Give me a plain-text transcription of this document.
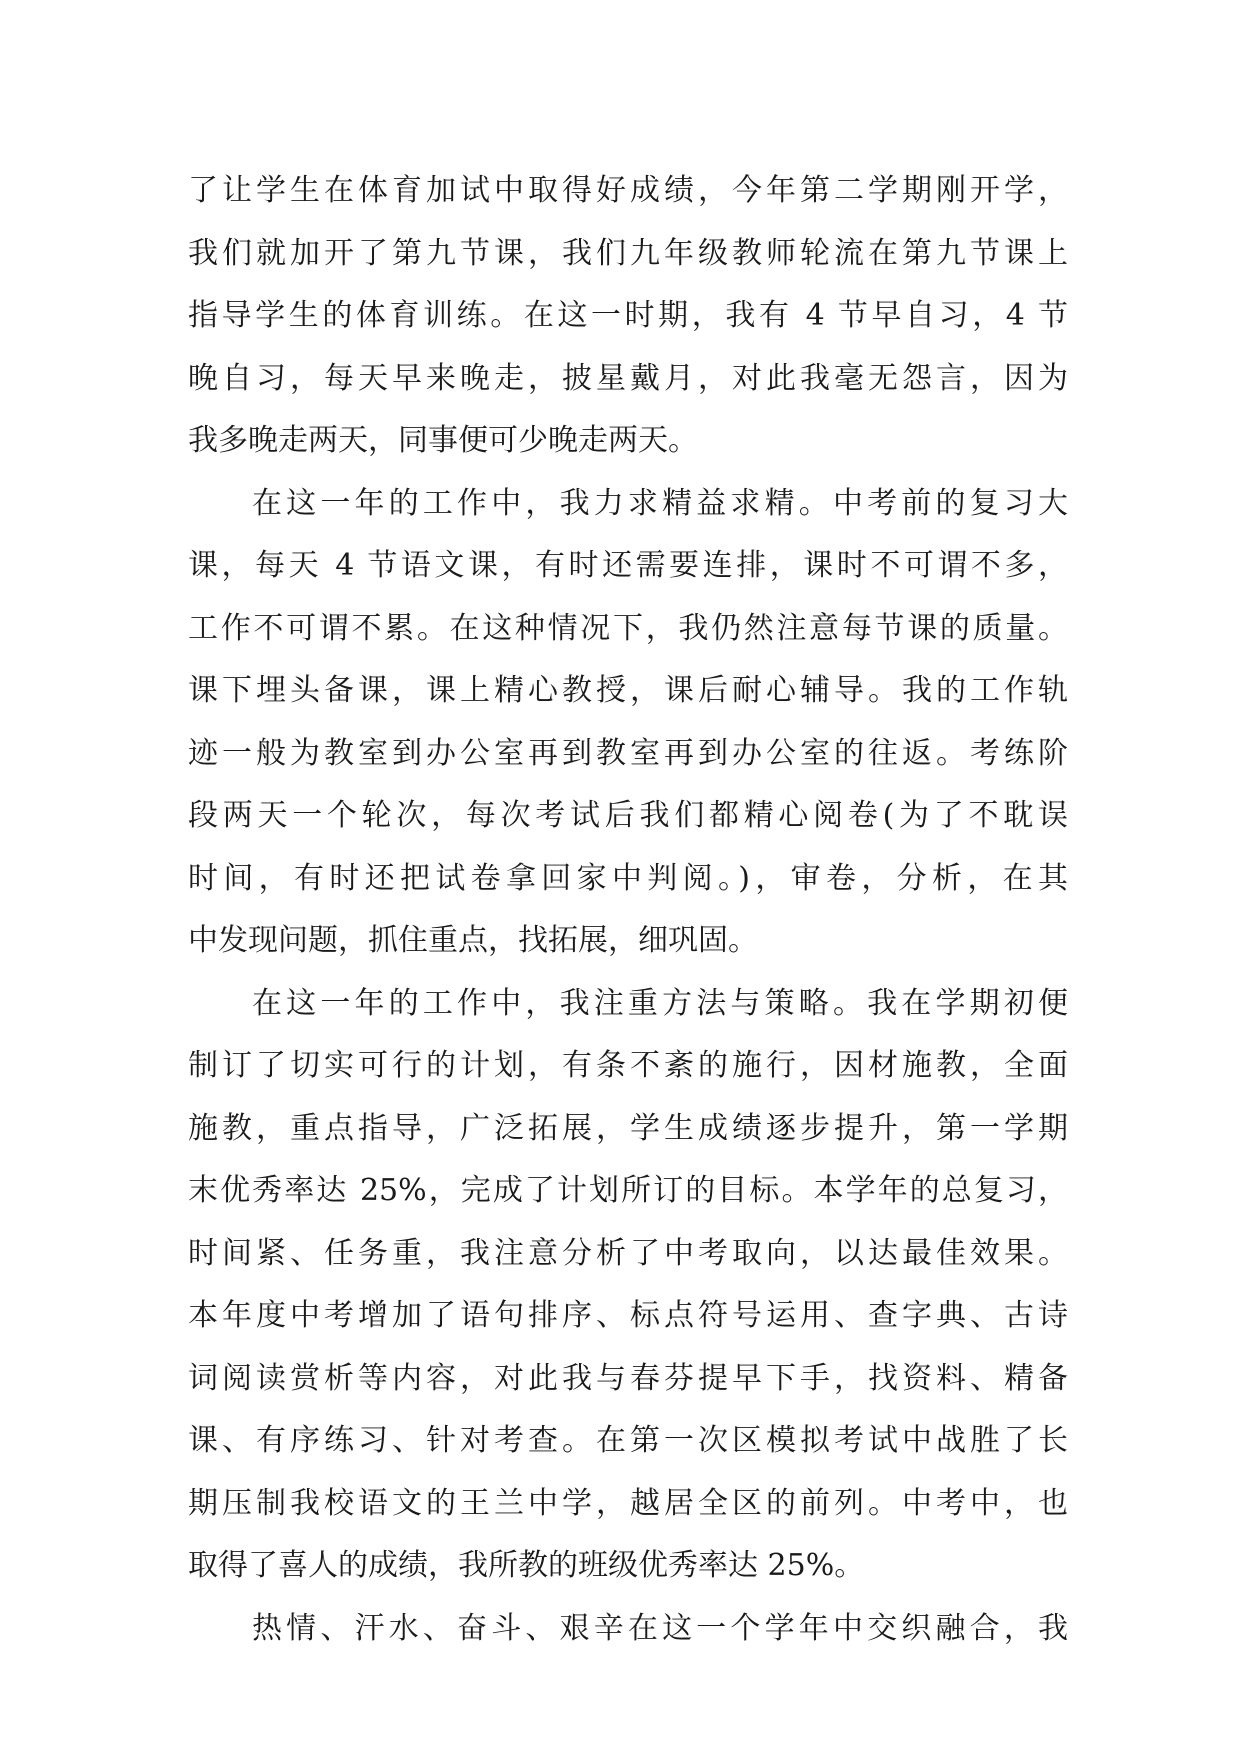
了让学生在体育加试中取得好成绩，今年第二学期刚开学，
我们就加开了第九节课，我们九年级教师轮流在第九节课上
指导学生的体育训练。在这一时期，我有 4 节早自习，4 节
晚自习，每天早来晚走，披星戴月，对此我毫无怨言，因为
我多晚走两天，同事便可少晚走两天。
在这一年的工作中，我力求精益求精。中考前的复习大
课，每天 4 节语文课，有时还需要连排，课时不可谓不多，
工作不可谓不累。在这种情况下，我仍然注意每节课的质量。
课下埋头备课，课上精心教授，课后耐心辅导。我的工作轨
迹一般为教室到办公室再到教室再到办公室的往返。考练阶
段两天一个轮次，每次考试后我们都精心阅卷(为了不耽误
时间，有时还把试卷拿回家中判阅。)，审卷，分析，在其
中发现问题，抓住重点，找拓展，细巩固。
在这一年的工作中，我注重方法与策略。我在学期初便
制订了切实可行的计划，有条不紊的施行，因材施教，全面
施教，重点指导，广泛拓展，学生成绩逐步提升，第一学期
末优秀率达 25%，完成了计划所订的目标。本学年的总复习，
时间紧、任务重，我注意分析了中考取向，以达最佳效果。
本年度中考增加了语句排序、标点符号运用、查字典、古诗
词阅读赏析等内容，对此我与春芬提早下手，找资料、精备
课、有序练习、针对考查。在第一次区模拟考试中战胜了长
期压制我校语文的王兰中学，越居全区的前列。中考中，也
取得了喜人的成绩，我所教的班级优秀率达 25%。
热情、汗水、奋斗、艰辛在这一个学年中交织融合，我
